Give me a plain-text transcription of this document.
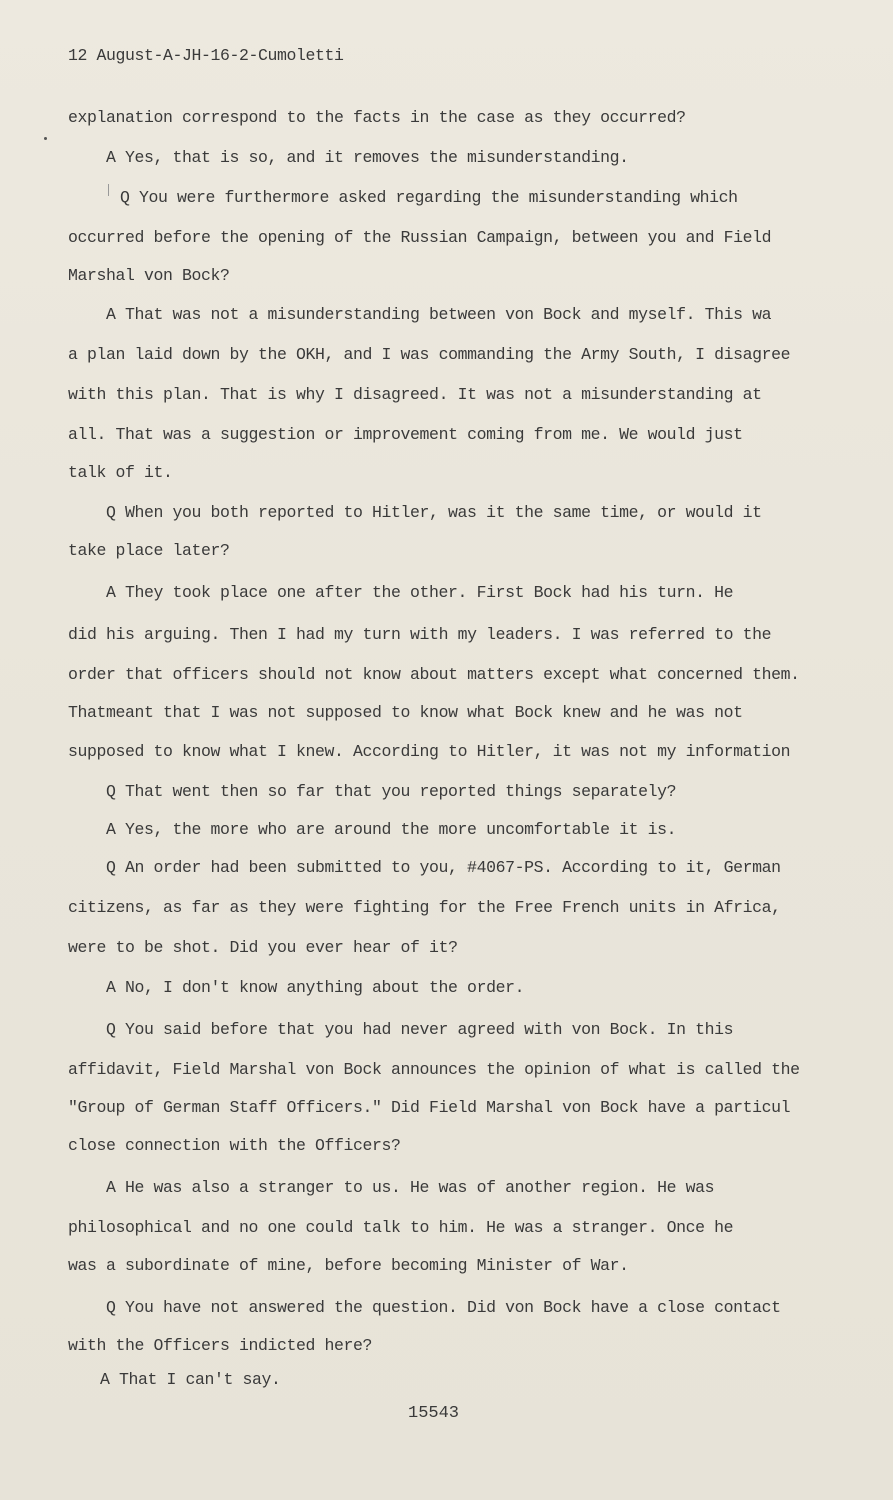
12 August-A-JH-16-2-Cumoletti
explanation correspond to the facts in the case as they occurred?
A Yes, that is so, and it removes the misunderstanding.
Q You were furthermore asked regarding the misunderstanding which
occurred before the opening of the Russian Campaign, between you and Field
Marshal von Bock?
A That was not a misunderstanding between von Bock and myself. This wa
a plan laid down by the OKH, and I was commanding the Army South, I disagree
with this plan. That is why I disagreed. It was not a misunderstanding at
all. That was a suggestion or improvement coming from me. We would just
talk of it.
Q When you both reported to Hitler, was it the same time, or would it
take place later?
A They took place one after the other. First Bock had his turn. He
did his arguing. Then I had my turn with my leaders. I was referred to the
order that officers should not know about matters except what concerned them.
Thatmeant that I was not supposed to know what Bock knew and he was not
supposed to know what I knew. According to Hitler, it was not my information
Q That went then so far that you reported things separately?
A Yes, the more who are around the more uncomfortable it is.
Q An order had been submitted to you, #4067-PS. According to it, German
citizens, as far as they were fighting for the Free French units in Africa,
were to be shot. Did you ever hear of it?
A No, I don't know anything about the order.
Q You said before that you had never agreed with von Bock. In this
affidavit, Field Marshal von Bock announces the opinion of what is called the
"Group of German Staff Officers." Did Field Marshal von Bock have a particul
close connection with the Officers?
A He was also a stranger to us. He was of another region. He was
philosophical and no one could talk to him. He was a stranger. Once he
was a subordinate of mine, before becoming Minister of War.
Q You have not answered the question. Did von Bock have a close contact
with the Officers indicted here?
A That I can't say.
15543
